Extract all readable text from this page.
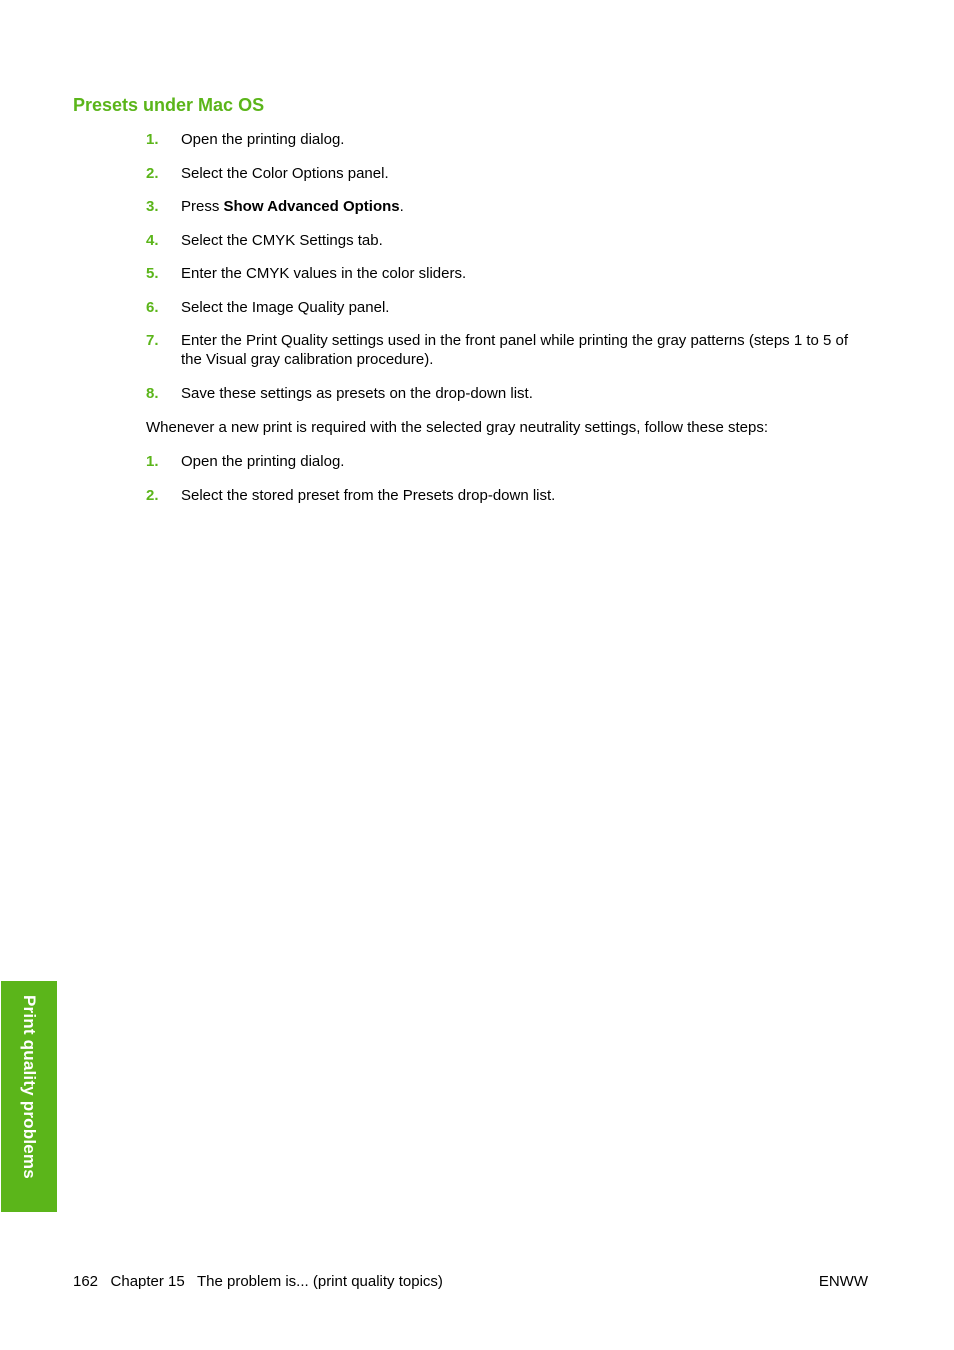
Presets under Mac OS
1. Open the printing dialog.
2. Select the Color Options panel.
3. Press Show Advanced Options.
4. Select the CMYK Settings tab.
5. Enter the CMYK values in the color sliders.
6. Select the Image Quality panel.
7. Enter the Print Quality settings used in the front panel while printing the gray patterns (steps 1 to 5 of the Visual gray calibration procedure).
8. Save these settings as presets on the drop-down list.

Whenever a new print is required with the selected gray neutrality settings, follow these steps:

1. Open the printing dialog.
2. Select the stored preset from the Presets drop-down list.
Print quality problems
162   Chapter 15   The problem is... (print quality topics)	ENWW
